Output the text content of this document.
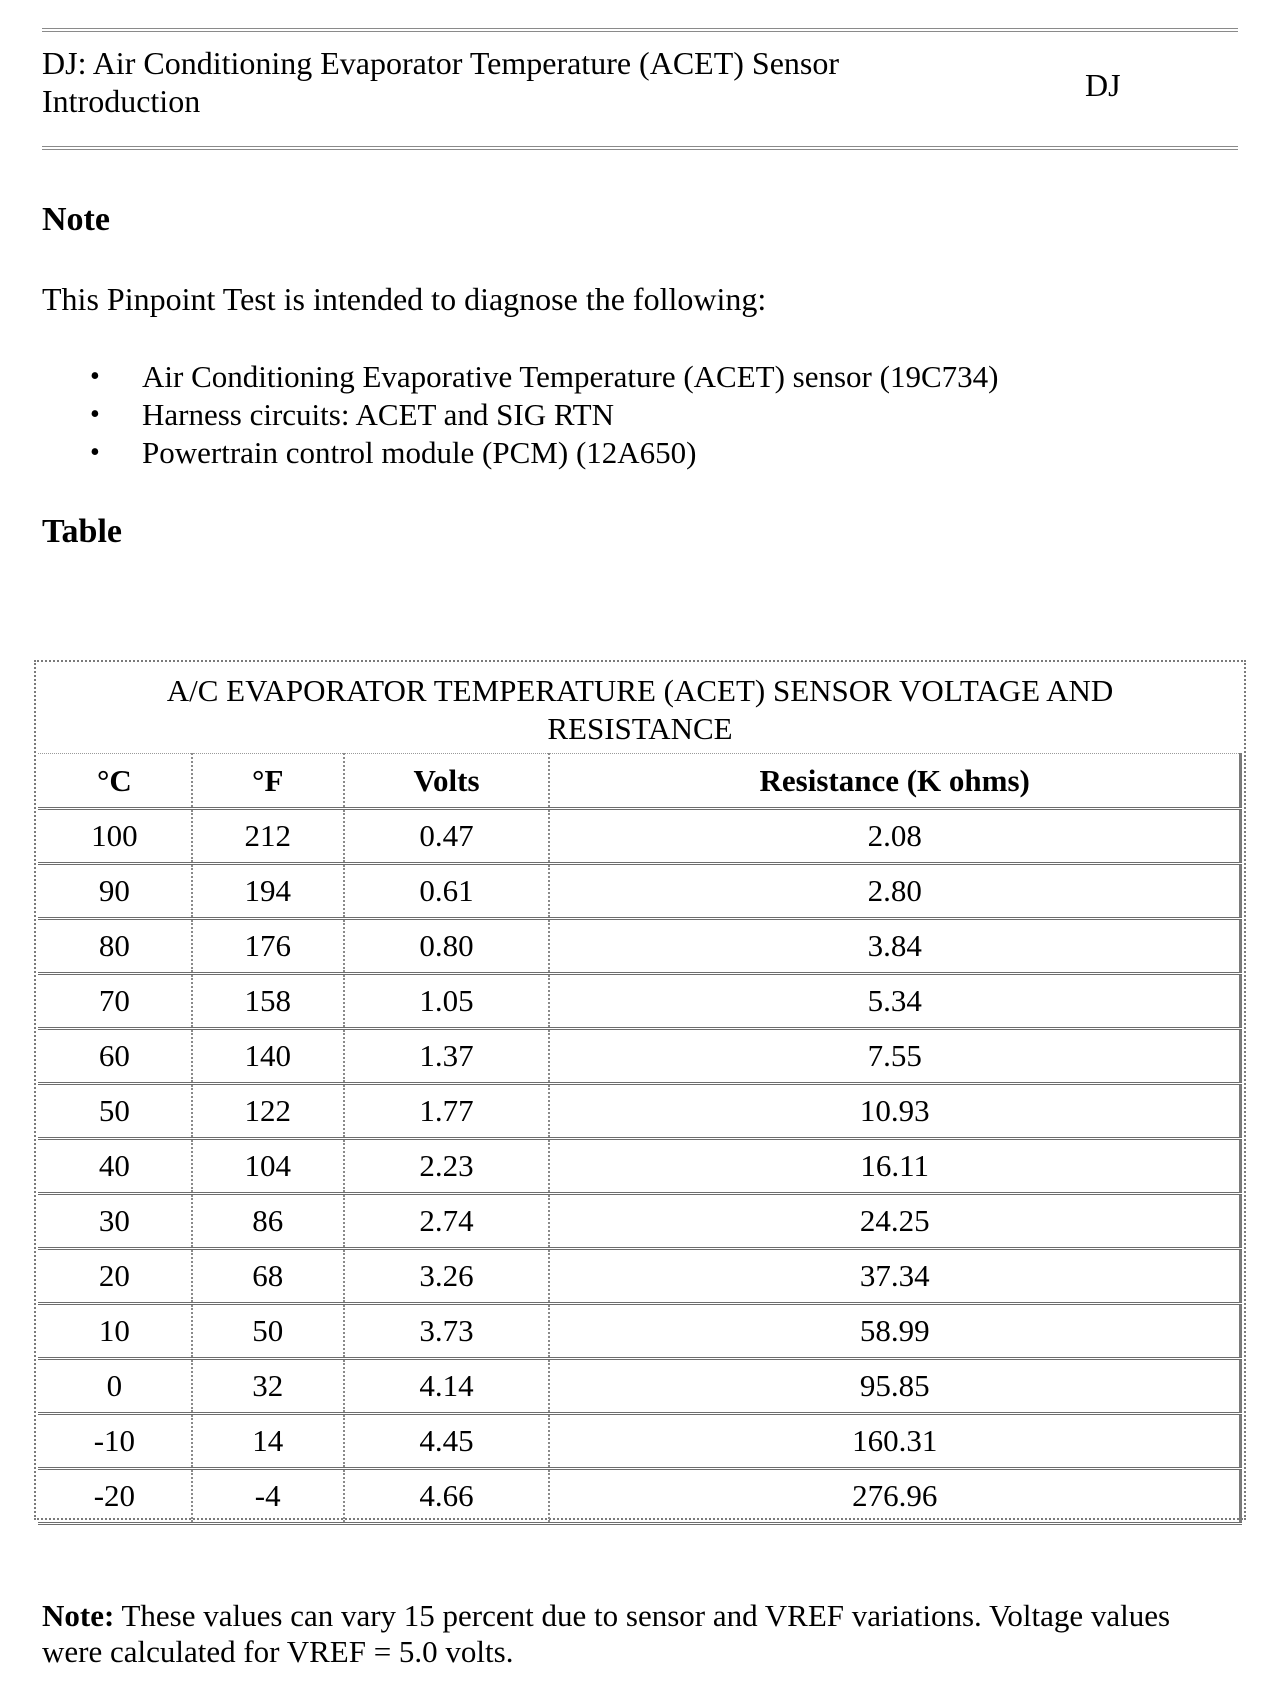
DJ: Air Conditioning Evaporator Temperature (ACET) Sensor
Introduction	DJ
Note
This Pinpoint Test is intended to diagnose the following:
• Air Conditioning Evaporative Temperature (ACET) sensor (19C734)
• Harness circuits: ACET and SIG RTN
• Powertrain control module (PCM) (12A650)
Table
A/C EVAPORATOR TEMPERATURE (ACET) SENSOR VOLTAGE AND
RESISTANCE
°C	°F	Volts	Resistance (K ohms)
100	212	0.47	2.08
90	194	0.61	2.80
80	176	0.80	3.84
70	158	1.05	5.34
60	140	1.37	7.55
50	122	1.77	10.93
40	104	2.23	16.11
30	86	2.74	24.25
20	68	3.26	37.34
10	50	3.73	58.99
0	32	4.14	95.85
-10	14	4.45	160.31
-20	-4	4.66	276.96
Note: These values can vary 15 percent due to sensor and VREF variations. Voltage values were calculated for VREF = 5.0 volts.
